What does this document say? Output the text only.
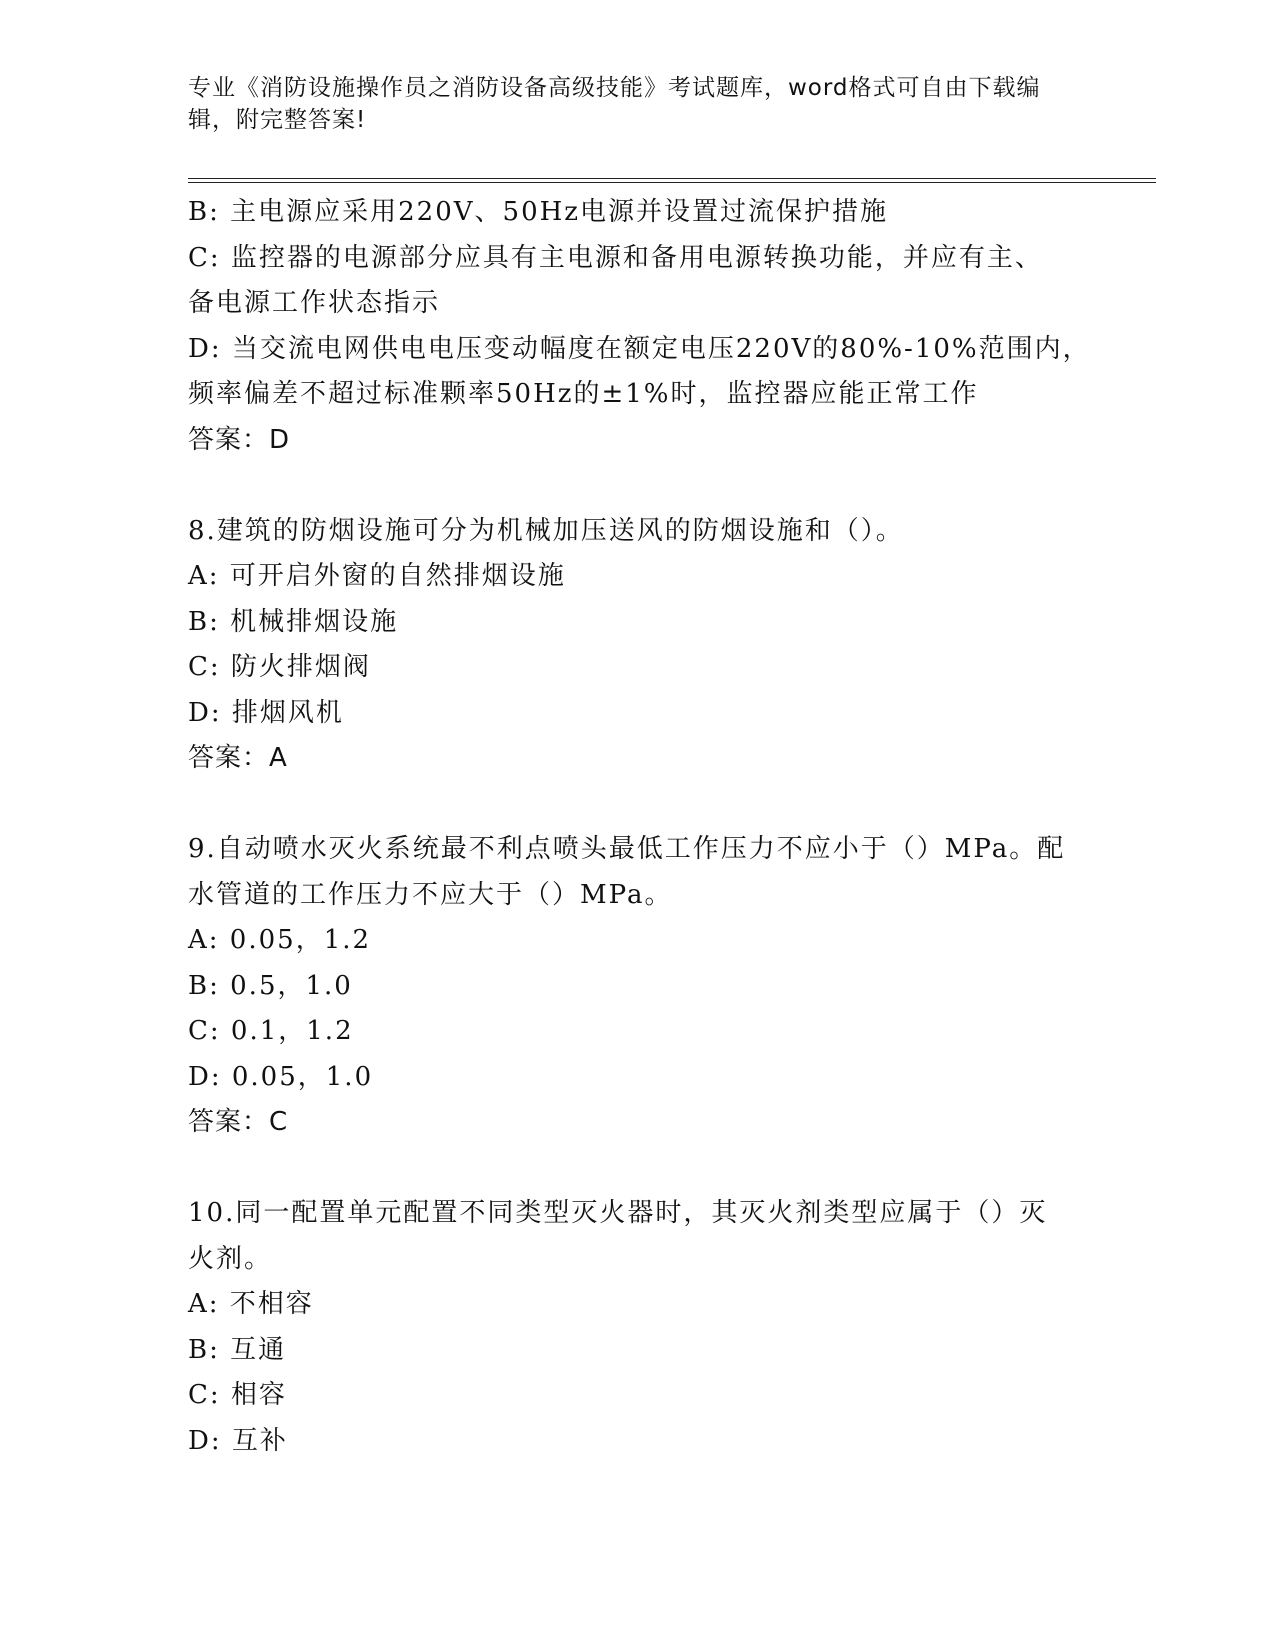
专业《消防设施操作员之消防设备高级技能》考试题库，word格式可自由下载编
辑，附完整答案!
B: 主电源应采用220V、50Hz电源并设置过流保护措施
C: 监控器的电源部分应具有主电源和备用电源转换功能，并应有主、
备电源工作状态指示
D: 当交流电网供电电压变动幅度在额定电压220V的80%-10%范围内，
频率偏差不超过标准颗率50Hz的±1%时，监控器应能正常工作
答案：D
8.建筑的防烟设施可分为机械加压送风的防烟设施和（）。
A: 可开启外窗的自然排烟设施
B: 机械排烟设施
C: 防火排烟阀
D: 排烟风机
答案：A
9.自动喷水灭火系统最不利点喷头最低工作压力不应小于（）MPa。配
水管道的工作压力不应大于（）MPa。
A: 0.05，1.2
B: 0.5，1.0
C: 0.1，1.2
D: 0.05，1.0
答案：C
10.同一配置单元配置不同类型灭火器时，其灭火剂类型应属于（）灭
火剂。
A: 不相容
B: 互通
C: 相容
D: 互补
